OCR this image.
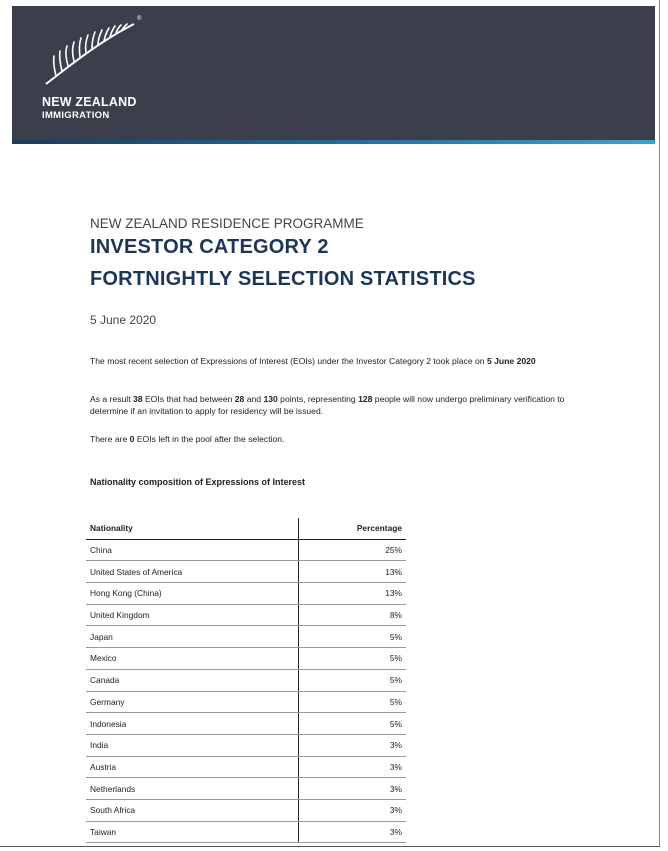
®
NEW ZEALAND
IMMIGRATION
NEW ZEALAND RESIDENCE PROGRAMME
INVESTOR CATEGORY 2
FORTNIGHTLY SELECTION STATISTICS
5 June 2020
The most recent selection of Expressions of Interest (EOIs) under the Investor Category 2 took place on 5 June 2020
As a result 38 EOIs that had between 28 and 130 points, representing 128 people will now undergo preliminary verification to determine if an invitation to apply for residency will be issued.
There are 0 EOIs left in the pool after the selection.
Nationality composition of Expressions of Interest
Nationality	Percentage
China	25%
United States of America	13%
Hong Kong (China)	13%
United Kingdom	8%
Japan	5%
Mexico	5%
Canada	5%
Germany	5%
Indonesia	5%
India	3%
Austria	3%
Netherlands	3%
South Africa	3%
Taiwan	3%
